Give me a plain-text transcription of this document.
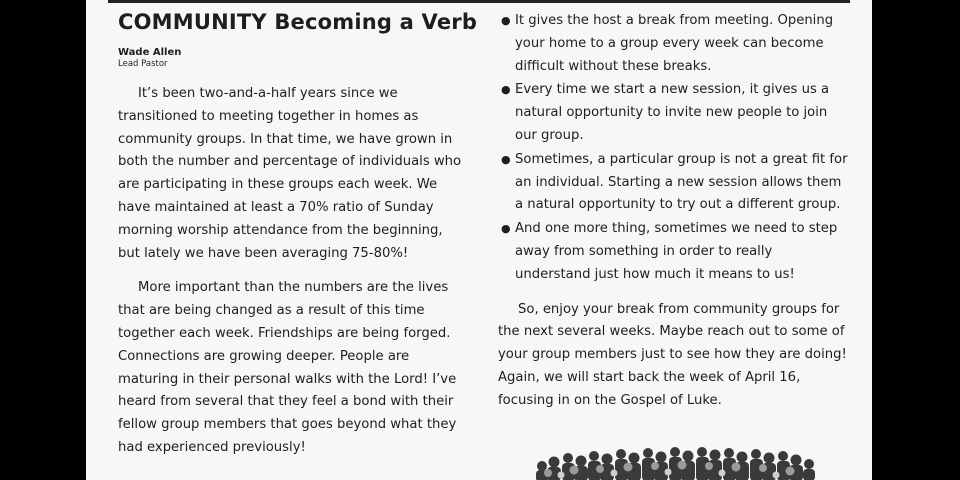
COMMUNITY Becoming a Verb
Wade Allen
Lead Pastor

It’s been two-and-a-half years since we transitioned to meeting together in homes as community groups. In that time, we have grown in both the number and percentage of individuals who are participating in these groups each week. We have maintained at least a 70% ratio of Sunday morning worship attendance from the beginning, but lately we have been averaging 75-80%!

More important than the numbers are the lives that are being changed as a result of this time together each week. Friendships are being forged. Connections are growing deeper. People are maturing in their personal walks with the Lord! I’ve heard from several that they feel a bond with their fellow group members that goes beyond what they had experienced previously!

● It gives the host a break from meeting. Opening your home to a group every week can become difficult without these breaks.
● Every time we start a new session, it gives us a natural opportunity to invite new people to join our group.
● Sometimes, a particular group is not a great fit for an individual. Starting a new session allows them a natural opportunity to try out a different group.
● And one more thing, sometimes we need to step away from something in order to really understand just how much it means to us!

So, enjoy your break from community groups for the next several weeks. Maybe reach out to some of your group members just to see how they are doing! Again, we will start back the week of April 16, focusing in on the Gospel of Luke.
